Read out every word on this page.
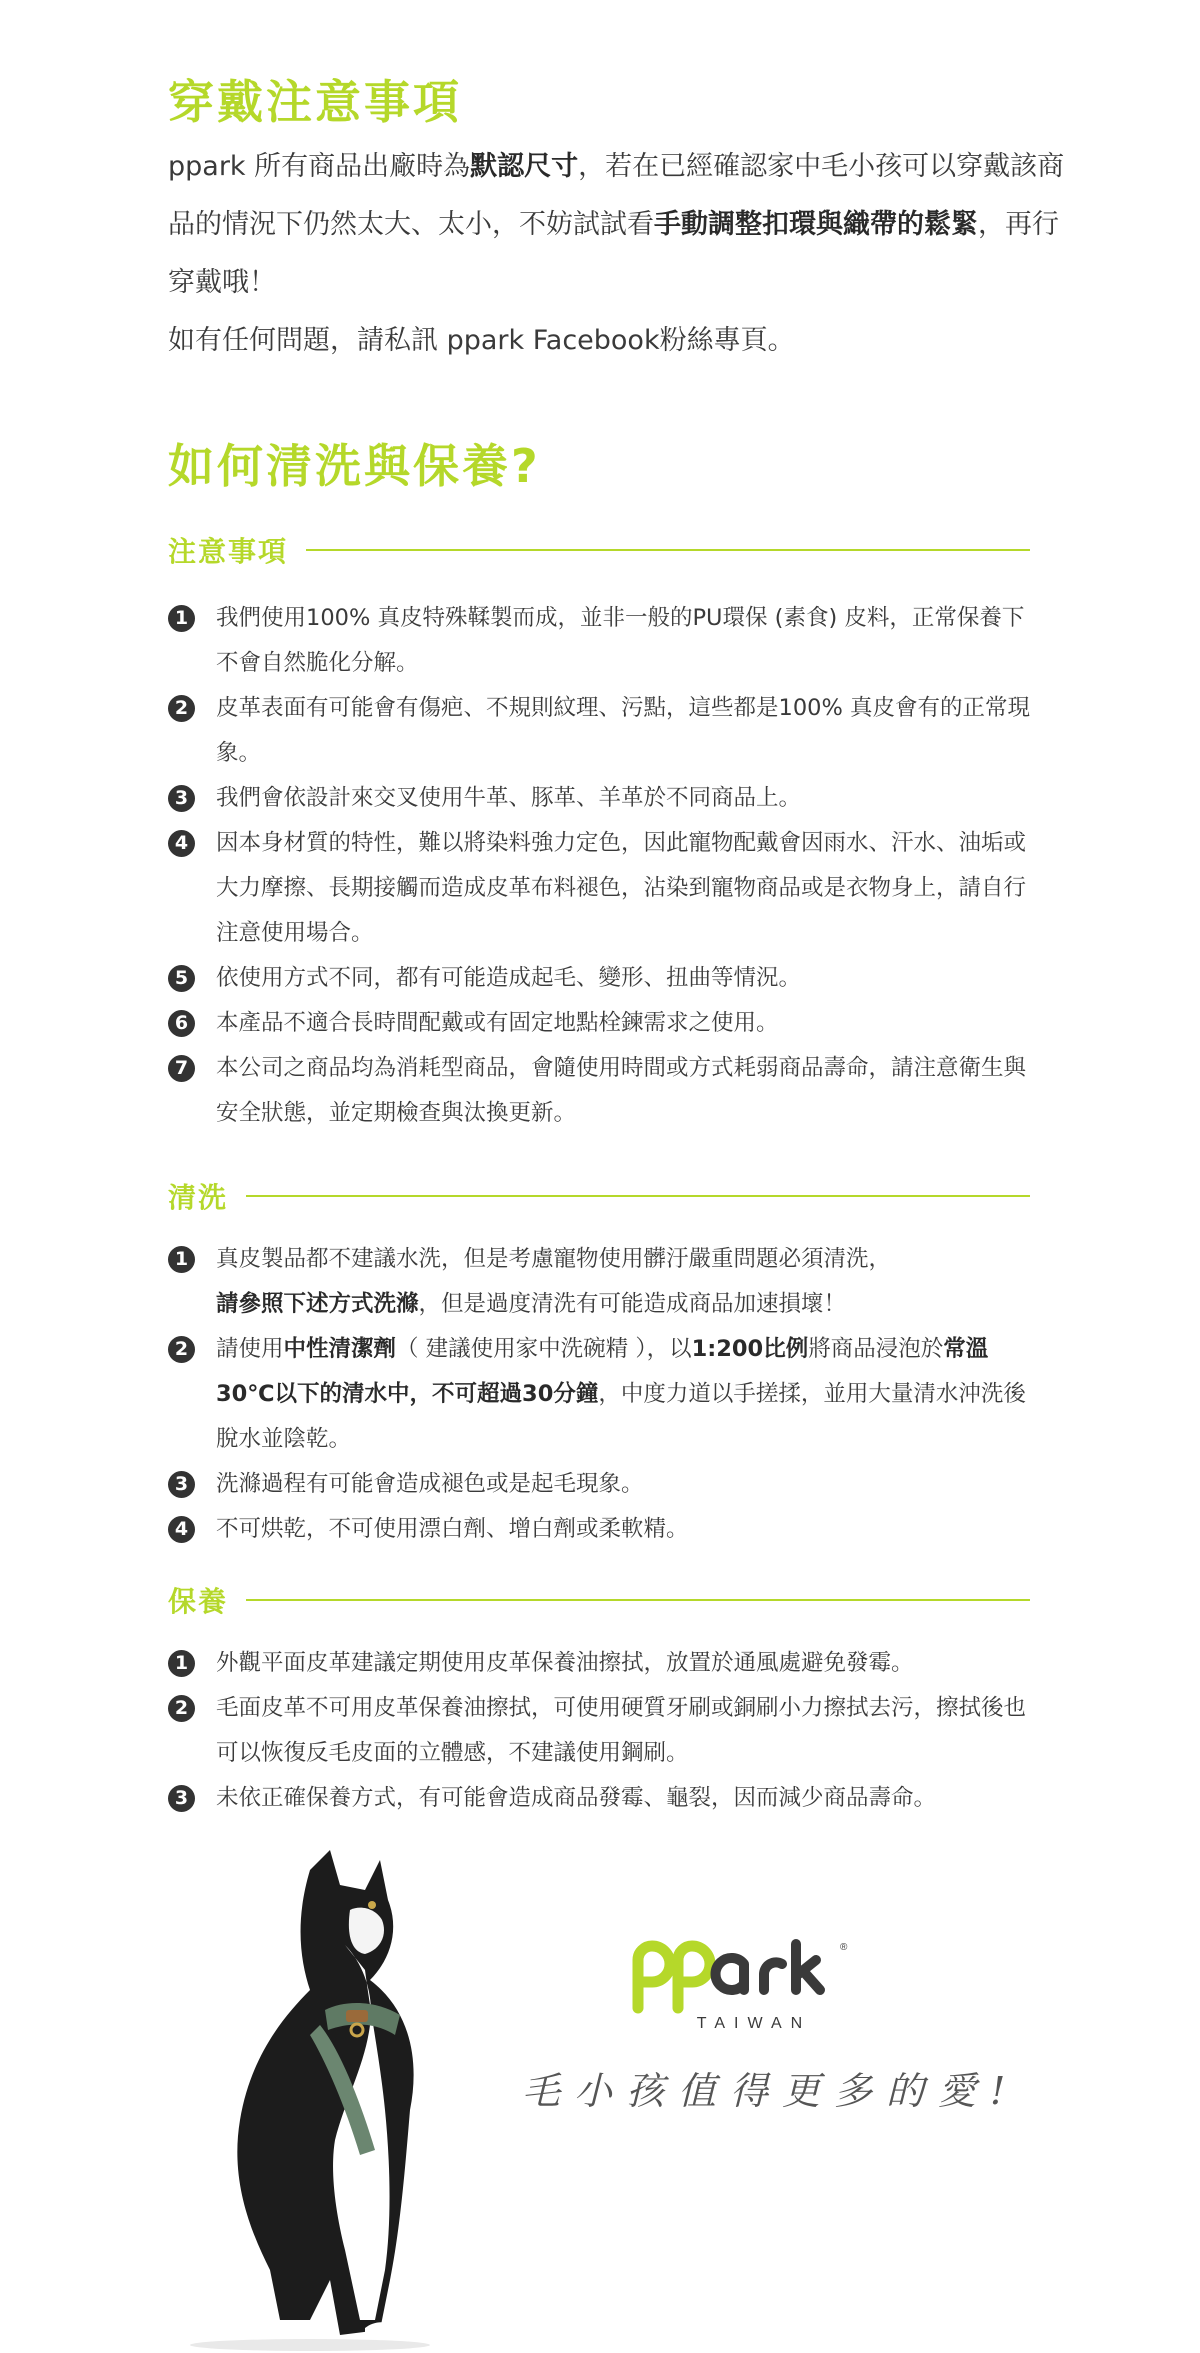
穿戴注意事項
ppark 所有商品出廠時為默認尺寸，若在已經確認家中毛小孩可以穿戴該商品的情況下仍然太大、太小，不妨試試看手動調整扣環與織帶的鬆緊，再行穿戴哦！
如有任何問題，請私訊 ppark Facebook粉絲專頁。
如何清洗與保養?
注意事項
1	我們使用100% 真皮特殊鞣製而成，並非一般的PU環保 (素食) 皮料，正常保養下不會自然脆化分解。
2	皮革表面有可能會有傷疤、不規則紋理、污點，這些都是100% 真皮會有的正常現象。
3	我們會依設計來交叉使用牛革、豚革、羊革於不同商品上。
4	因本身材質的特性，難以將染料強力定色，因此寵物配戴會因雨水、汗水、油垢或大力摩擦、長期接觸而造成皮革布料褪色，沾染到寵物商品或是衣物身上，請自行注意使用場合。
5	依使用方式不同，都有可能造成起毛、變形、扭曲等情況。
6	本產品不適合長時間配戴或有固定地點栓鍊需求之使用。
7	本公司之商品均為消耗型商品，會隨使用時間或方式耗弱商品壽命，請注意衛生與安全狀態，並定期檢查與汰換更新。
清洗
1	真皮製品都不建議水洗，但是考慮寵物使用髒汙嚴重問題必須清洗，
請參照下述方式洗滌，但是過度清洗有可能造成商品加速損壞！
2	請使用中性清潔劑（ 建議使用家中洗碗精 ），以1:200比例將商品浸泡於常溫30℃以下的清水中，不可超過30分鐘，中度力道以手搓揉，並用大量清水沖洗後脫水並陰乾。
3	洗滌過程有可能會造成褪色或是起毛現象。
4	不可烘乾，不可使用漂白劑、增白劑或柔軟精。
保養
1	外觀平面皮革建議定期使用皮革保養油擦拭，放置於通風處避免發霉。
2	毛面皮革不可用皮革保養油擦拭，可使用硬質牙刷或銅刷小力擦拭去污，擦拭後也可以恢復反毛皮面的立體感，不建議使用鋼刷。
3	未依正確保養方式，有可能會造成商品發霉、龜裂，因而減少商品壽命。
®
TAIWAN
毛小孩值得更多的愛!
